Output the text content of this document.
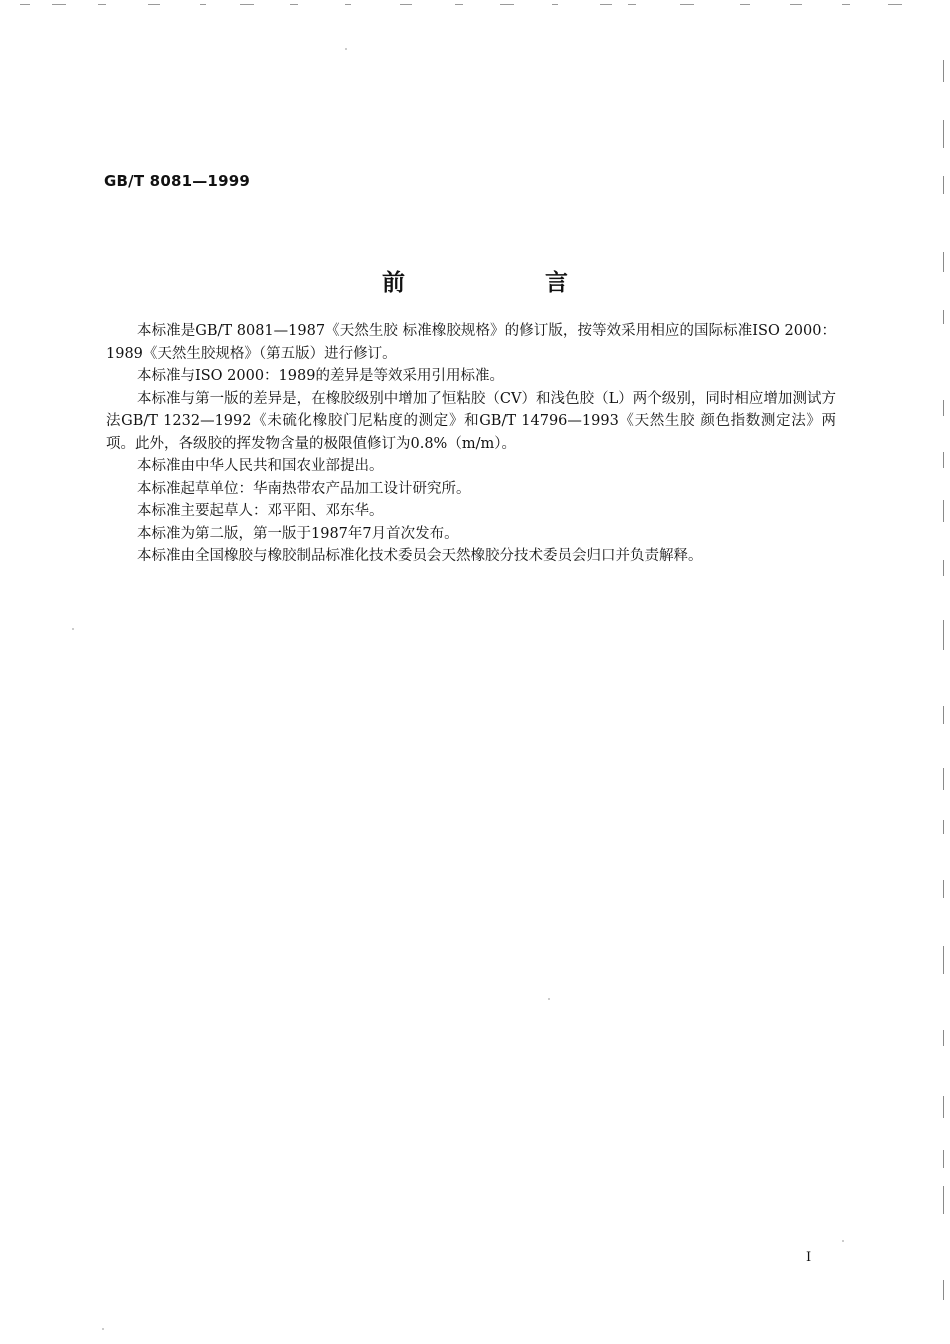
GB/T 8081—1999
前 言

本标准是GB/T 8081—1987《天然生胶 标准橡胶规格》的修订版，按等效采用相应的国际标准ISO 2000：1989《天然生胶规格》（第五版）进行修订。

本标准与ISO 2000：1989的差异是等效采用引用标准。

本标准与第一版的差异是，在橡胶级别中增加了恒粘胶（CV）和浅色胶（L）两个级别，同时相应增加测试方法GB/T 1232—1992《未硫化橡胶门尼粘度的测定》和GB/T 14796—1993《天然生胶 颜色指数测定法》两项。此外，各级胶的挥发物含量的极限值修订为0.8%（m/m）。

本标准由中华人民共和国农业部提出。

本标准起草单位：华南热带农产品加工设计研究所。

本标准主要起草人：邓平阳、邓东华。

本标准为第二版，第一版于1987年7月首次发布。

本标准由全国橡胶与橡胶制品标准化技术委员会天然橡胶分技术委员会归口并负责解释。

I
